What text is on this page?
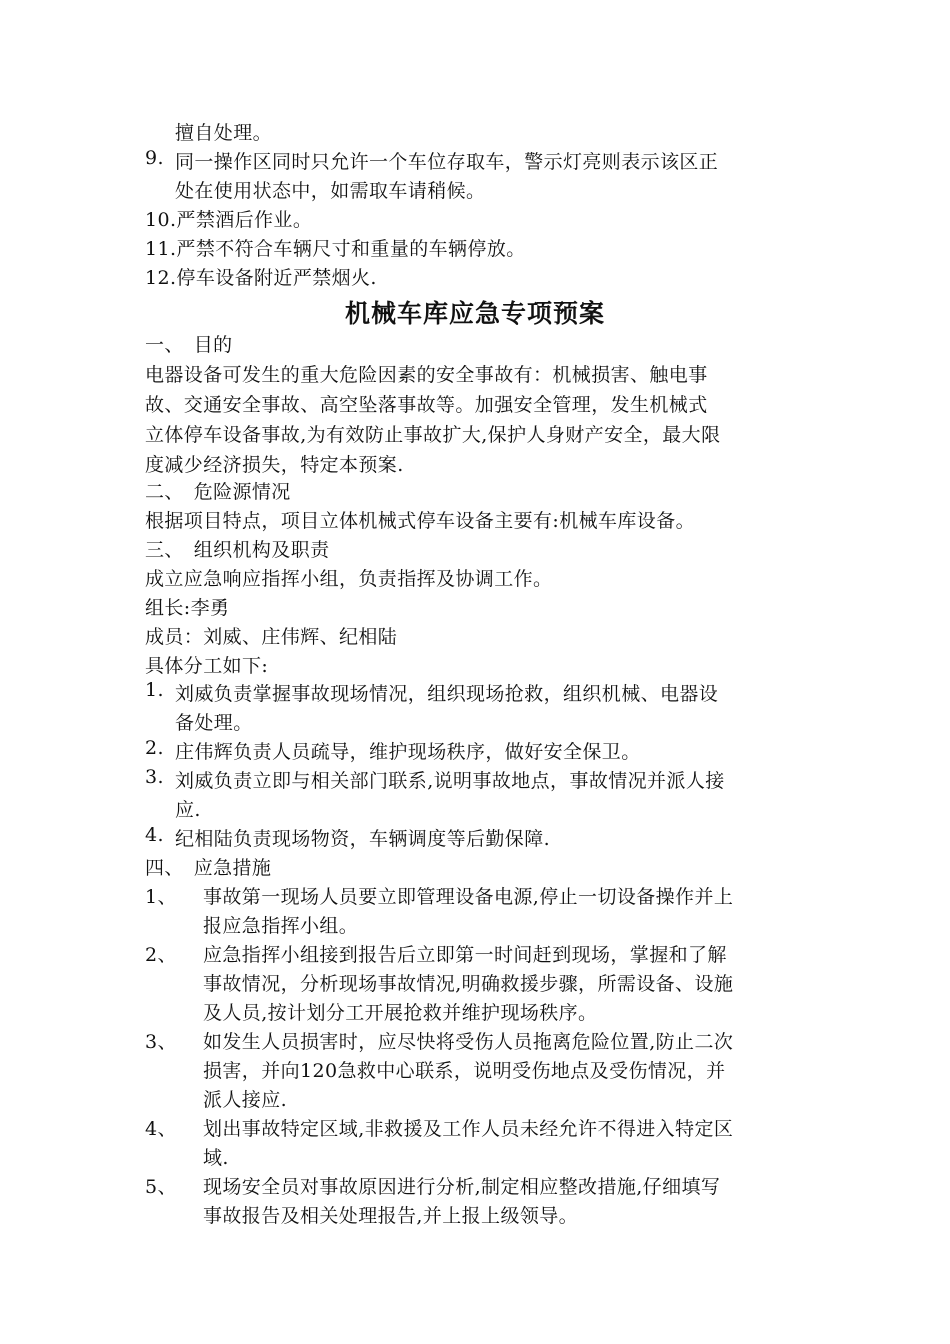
擅自处理。
9. 同一操作区同时只允许一个车位存取车，警示灯亮则表示该区正
处在使用状态中，如需取车请稍候。
10.严禁酒后作业。
11.严禁不符合车辆尺寸和重量的车辆停放。
12.停车设备附近严禁烟火.
机械车库应急专项预案
一、　目的
电器设备可发生的重大危险因素的安全事故有：机械损害、触电事
故、交通安全事故、高空坠落事故等。加强安全管理，发生机械式
立体停车设备事故,为有效防止事故扩大,保护人身财产安全，最大限
度减少经济损失，特定本预案.
二、　危险源情况
根据项目特点，项目立体机械式停车设备主要有:机械车库设备。
三、　组织机构及职责
成立应急响应指挥小组，负责指挥及协调工作。
组长:李勇
成员：刘威、庄伟辉、纪相陆
具体分工如下:
1. 刘威负责掌握事故现场情况，组织现场抢救，组织机械、电器设
备处理。
2. 庄伟辉负责人员疏导，维护现场秩序，做好安全保卫。
3. 刘威负责立即与相关部门联系,说明事故地点，事故情况并派人接
应.
4. 纪相陆负责现场物资，车辆调度等后勤保障.
四、　应急措施
1、 事故第一现场人员要立即管理设备电源,停止一切设备操作并上
报应急指挥小组。
2、 应急指挥小组接到报告后立即第一时间赶到现场，掌握和了解
事故情况，分析现场事故情况,明确救援步骤，所需设备、设施
及人员,按计划分工开展抢救并维护现场秩序。
3、 如发生人员损害时，应尽快将受伤人员拖离危险位置,防止二次
损害，并向120急救中心联系，说明受伤地点及受伤情况，并
派人接应.
4、 划出事故特定区域,非救援及工作人员未经允许不得进入特定区
域.
5、 现场安全员对事故原因进行分析,制定相应整改措施,仔细填写
事故报告及相关处理报告,并上报上级领导。
